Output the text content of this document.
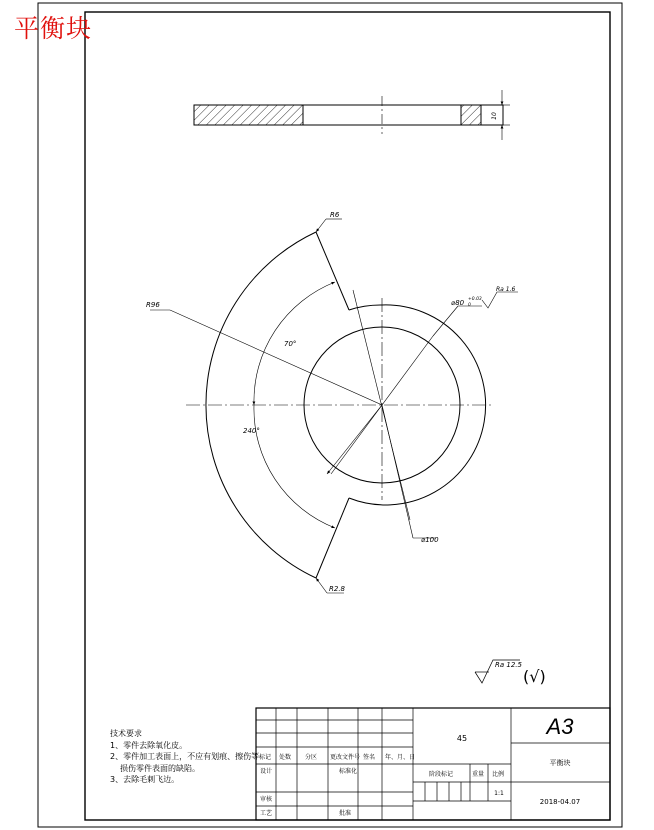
10
R6
R96
R2.8
70°
240°
⌀100
⌀80 +0.03
0
Ra 1.6
Ra 12.5
(√)
标记 处数 分区 更改文件号 签名 年、月、日
设计	标准化
审核
工艺	批准
阶段标记	重量 比例
45	A3
平衡块
1:1
2018-04.07
平衡块
技术要求
1、零件去除氧化皮。
2、零件加工表面上，不应有划痕、擦伤等
损伤零件表面的缺陷。
3、去除毛刺飞边。
